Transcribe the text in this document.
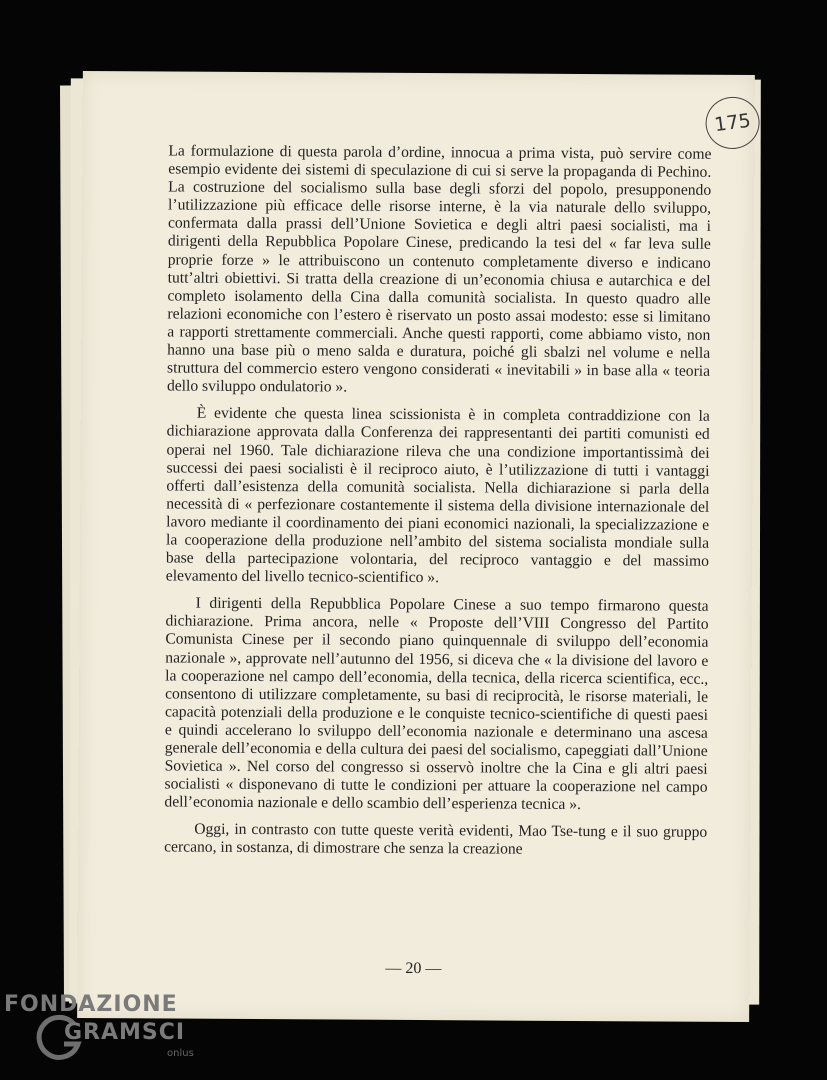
175

La formulazione di questa parola d’ordine, innocua a prima vista, può servire come esempio evidente dei sistemi di speculazione di cui si serve la propaganda di Pechino. La costruzione del socialismo sulla base degli sforzi del popolo, presupponendo l’utilizzazione più efficace delle risorse interne, è la via naturale dello sviluppo, confermata dalla prassi dell’Unione Sovietica e degli altri paesi socialisti, ma i dirigenti della Repubblica Popolare Cinese, predicando la tesi del « far leva sulle proprie forze » le attribuiscono un contenuto completamente diverso e indicano tutt’altri obiettivi. Si tratta della creazione di un’economia chiusa e autarchica e del completo isolamento della Cina dalla comunità socialista. In questo quadro alle relazioni economiche con l’estero è riservato un posto assai modesto: esse si limitano a rapporti strettamente commerciali. Anche questi rapporti, come abbiamo visto, non hanno una base più o meno salda e duratura, poiché gli sbalzi nel volume e nella struttura del commercio estero vengono considerati « inevitabili » in base alla « teoria dello sviluppo ondulatorio ».

È evidente che questa linea scissionista è in completa contraddizione con la dichiarazione approvata dalla Conferenza dei rappresentanti dei partiti comunisti ed operai nel 1960. Tale dichiarazione rileva che una condizione importantissimà dei successi dei paesi socialisti è il reciproco aiuto, è l’utilizzazione di tutti i vantaggi offerti dall’esistenza della comunità socialista. Nella dichiarazione si parla della necessità di « perfezionare costantemente il sistema della divisione internazionale del lavoro mediante il coordinamento dei piani economici nazionali, la specializzazione e la cooperazione della produzione nell’ambito del sistema socialista mondiale sulla base della partecipazione volontaria, del reciproco vantaggio e del massimo elevamento del livello tecnico-scientifico ».

I dirigenti della Repubblica Popolare Cinese a suo tempo firmarono questa dichiarazione. Prima ancora, nelle « Proposte dell’VIII Congresso del Partito Comunista Cinese per il secondo piano quinquennale di sviluppo dell’economia nazionale », approvate nell’autunno del 1956, si diceva che « la divisione del lavoro e la cooperazione nel campo dell’economia, della tecnica, della ricerca scientifica, ecc., consentono di utilizzare completamente, su basi di reciprocità, le risorse materiali, le capacità potenziali della produzione e le conquiste tecnico-scientifiche di questi paesi e quindi accelerano lo sviluppo dell’economia nazionale e determinano una ascesa generale dell’economia e della cultura dei paesi del socialismo, capeggiati dall’Unione Sovietica ». Nel corso del congresso si osservò inoltre che la Cina e gli altri paesi socialisti « disponevano di tutte le condizioni per attuare la cooperazione nel campo dell’economia nazionale e dello scambio dell’esperienza tecnica ».

Oggi, in contrasto con tutte queste verità evidenti, Mao Tse-tung e il suo gruppo cercano, in sostanza, di dimostrare che senza la creazione

— 20 —
FONDAZIONE
GRAMSCI
onlus
